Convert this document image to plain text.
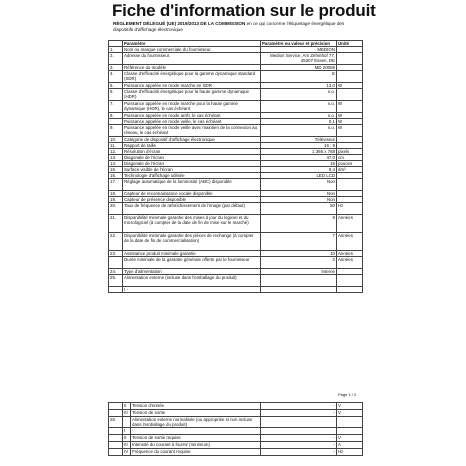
Fiche d'information sur le produit
RÈGLEMENT DÉLÉGUÉ (UE) 2019/2013 DE LA COMMISSION en ce qui concerne l'étiquetage énergétique des dispositifs d'affichage électronique
	Paramètre	Paramètre ou valeur et précision	Unité
1.	Nom ou marque commerciale du fournisseur.	MEDION	
2.	Adresse du fournisseur.	Medion Service, Am Zehnthof 77, 45307 Essen, DE	
3.	Référence du modèle	MD 20059	
4.	Classe d'efficacité énergétique pour la gamme dynamique standard (SDR)	E	
5.	Puissance appelée en mode marche en SDR	13,0	W
6.	Classe d'efficacité énergétique pour la haute gamme dynamique (HDR)	s.o.	
7.	Puissance appelée en mode marche pour la haute gamme dynamique (HDR), le cas échéant	s.o.	W
8.	Puissance appelée en mode arrêt, le cas échéant	s.o.	W
	Puissance appelée en mode veille, le cas échéant	0,1	W
9.	Puissance appelée en mode veille avec maintien de la connexion au réseau, le cas échéant	s.o.	W
10.	Catégorie de dispositif d'affichage électronique	Téléviseur	
11.	Rapport de taille	16 : 9	
12.	Résolution d'écran	1 366 x 768	pixels
13.	Diagonale de l'écran	47,0	cm
14.	Diagonale de l'écran	19	pouces
15.	Surface visible de l'écran	9,4	dm²
16.	Technologie d'affichage utilisée	LED LCD	
17.	Réglage automatique de la luminosité (ABC) disponible	Non	
18.	Capteur de reconnaissance vocale disponible	Non	
19.	Capteur de présence disponible	Non	
20.	Taux de fréquence de rafraîchissement de l'image (par défaut)	50	Hz
21.	Disponibilité minimale garantie des mises à jour du logiciel et du micrologiciel (à compter de la date de fin de mise sur le marché)	8	Années
22.	Disponibilité minimale garantie des pièces de rechange (à compter de la date de fin de commercialisation)	7	Années
23.	Assistance produit minimale garantie	10	Années
	Durée minimale de la garantie générale offerte par le fournisseur	2	Années
24.	Type d'alimentation	Interne	
25.	Alimentation externe (incluse dans l'emballage du produit)		
	I -		
Page 1 / 2
	II	Tension d'entrée	-	V
	III	Tension de sortie	-	V
26.		Alimentation externe normalisée (ou appropriée si non incluse dans l'emballage du produit)		
	I	-		
	II	Tension de sortie requise	-	V
	III	Intensité du courant à fournir (minimum)	-	A
	IV	Fréquence du courant requise	-	Hz
